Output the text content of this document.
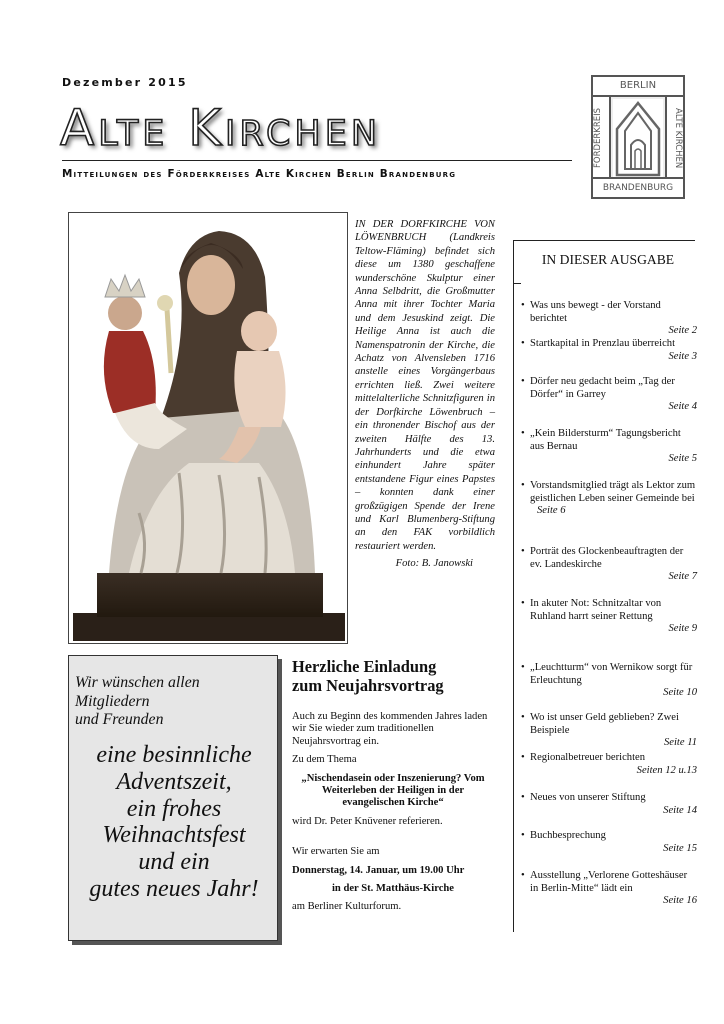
Dezember 2015
Alte Kirchen
Mitteilungen des Förderkreises Alte Kirchen Berlin Brandenburg
BERLIN
FÖRDERKREIS	ALTE KIRCHEN
BRANDENBURG
IN DER DORFKIRCHE VON LÖWENBRUCH (Landkreis Teltow-Fläming) befindet sich diese um 1380 geschaffene wunderschöne Skulptur einer Anna Selbdritt, die Großmutter Anna mit ihrer Tochter Maria und dem Jesuskind zeigt. Die Heilige Anna ist auch die Namenspatronin der Kirche, die Achatz von Alvensleben 1716 anstelle eines Vorgängerbaus errichten ließ. Zwei weitere mittelalterliche Schnitzfiguren in der Dorfkirche Löwenbruch – ein thronender Bischof aus der zweiten Hälfte des 13. Jahrhunderts und die etwa einhundert Jahre später entstandene Figur eines Papstes – konnten dank einer großzügigen Spende der Irene und Karl Blumenberg-Stiftung an den FAK vorbildlich restauriert werden.
Foto: B. Janowski
IN DIESER AUSGABE
• Was uns bewegt - der Vorstand berichtet
Seite 2
• Startkapital in Prenzlau überreicht
Seite 3
• Dörfer neu gedacht beim „Tag der Dörfer“ in Garrey
Seite 4
• „Kein Bildersturm“ Tagungsbericht aus Bernau
Seite 5
• Vorstandsmitglied trägt als Lektor zum geistlichen Leben seiner Gemeinde bei
Seite 6
• Porträt des Glockenbeauftragten der ev. Landeskirche
Seite 7
• In akuter Not: Schnitzaltar von Ruhland harrt seiner Rettung
Seite 9
• „Leuchtturm“ von Wernikow sorgt für Erleuchtung
Seite 10
• Wo ist unser Geld geblieben? Zwei Beispiele
Seite 11
• Regionalbetreuer berichten
Seiten 12 u.13
• Neues von unserer Stiftung
Seite 14
• Buchbesprechung
Seite 15
• Ausstellung „Verlorene Gotteshäuser in Berlin-Mitte“ lädt ein
Seite 16
Wir wünschen allen
Mitgliedern
und Freunden
eine besinnliche
Adventszeit,
ein frohes
Weihnachtsfest
und ein
gutes neues Jahr!
Herzliche Einladung
zum Neujahrsvortrag

Auch zu Beginn des kommenden Jahres laden wir Sie wieder zum traditionellen Neujahrsvortrag ein.

Zu dem Thema

„Nischendasein oder Inszenierung? Vom Weiterleben der Heiligen in der evangelischen Kirche“

wird Dr. Peter Knüvener referieren.

Wir erwarten Sie am

Donnerstag, 14. Januar, um 19.00 Uhr

in der St. Matthäus-Kirche

am Berliner Kulturforum.
